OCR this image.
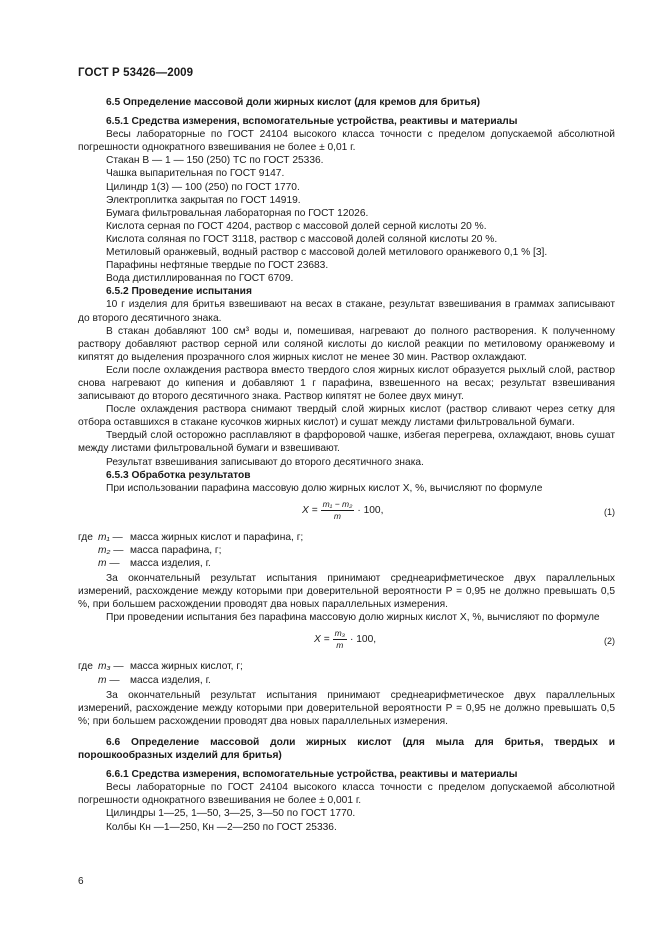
ГОСТ Р 53426—2009

6.5 Определение массовой доли жирных кислот (для кремов для бритья)

6.5.1 Средства измерения, вспомогательные устройства, реактивы и материалы

Весы лабораторные по ГОСТ 24104 высокого класса точности с пределом допускаемой абсолютной погрешности однократного взвешивания не более ± 0,01 г.

Стакан В — 1 — 150 (250) ТС по ГОСТ 25336.

Чашка выпарительная по ГОСТ 9147.

Цилиндр 1(3) — 100 (250) по ГОСТ 1770.

Электроплитка закрытая по ГОСТ 14919.

Бумага фильтровальная лабораторная по ГОСТ 12026.

Кислота серная по ГОСТ 4204, раствор с массовой долей серной кислоты 20 %.

Кислота соляная по ГОСТ 3118, раствор с массовой долей соляной кислоты 20 %.

Метиловый оранжевый, водный раствор с массовой долей метилового оранжевого 0,1 % [3].

Парафины нефтяные твердые по ГОСТ 23683.

Вода дистиллированная по ГОСТ 6709.

6.5.2 Проведение испытания

10 г изделия для бритья взвешивают на весах в стакане, результат взвешивания в граммах записывают до второго десятичного знака.

В стакан добавляют 100 см³ воды и, помешивая, нагревают до полного растворения. К полученному раствору добавляют раствор серной или соляной кислоты до кислой реакции по метиловому оранжевому и кипятят до выделения прозрачного слоя жирных кислот не менее 30 мин. Раствор охлаждают.

Если после охлаждения раствора вместо твердого слоя жирных кислот образуется рыхлый слой, раствор снова нагревают до кипения и добавляют 1 г парафина, взвешенного на весах; результат взвешивания записывают до второго десятичного знака. Раствор кипятят не более двух минут.

После охлаждения раствора снимают твердый слой жирных кислот (раствор сливают через сетку для отбора оставшихся в стакане кусочков жирных кислот) и сушат между листами фильтровальной бумаги.

Твердый слой осторожно расплавляют в фарфоровой чашке, избегая перегрева, охлаждают, вновь сушат между листами фильтровальной бумаги и взвешивают.

Результат взвешивания записывают до второго десятичного знака.

6.5.3 Обработка результатов

При использовании парафина массовую долю жирных кислот X, %, вычисляют по формуле

$X = \frac{\text{m₁ − m₂}}{m} \cdot 100$,	(1)
где m₁ — масса жирных кислот и парафина, г;
m₂ — масса парафина, г;
m —	масса изделия, г.

За окончательный результат испытания принимают среднеарифметическое двух параллельных измерений, расхождение между которыми при доверительной вероятности P = 0,95 не должно превышать 0,5 %, при большем расхождении проводят два новых параллельных измерения.

При проведении испытания без парафина массовую долю жирных кислот X, %, вычисляют по формуле

$X = \frac{\text{m₃}}{m} \cdot 100$,	(2)
где m₃ — масса жирных кислот, г;
m —	масса изделия, г.

За окончательный результат испытания принимают среднеарифметическое двух параллельных измерений, расхождение между которыми при доверительной вероятности P = 0,95 не должно превышать 0,5 %; при большем расхождении проводят два новых параллельных измерения.

6.6 Определение массовой доли жирных кислот (для мыла для бритья, твердых и порошкообразных изделий для бритья)

6.6.1 Средства измерения, вспомогательные устройства, реактивы и материалы

Весы лабораторные по ГОСТ 24104 высокого класса точности с пределом допускаемой абсолютной погрешности однократного взвешивания не более ± 0,001 г.

Цилиндры 1—25, 1—50, 3—25, 3—50 по ГОСТ 1770.

Колбы Кн —1—250, Кн —2—250 по ГОСТ 25336.

6
